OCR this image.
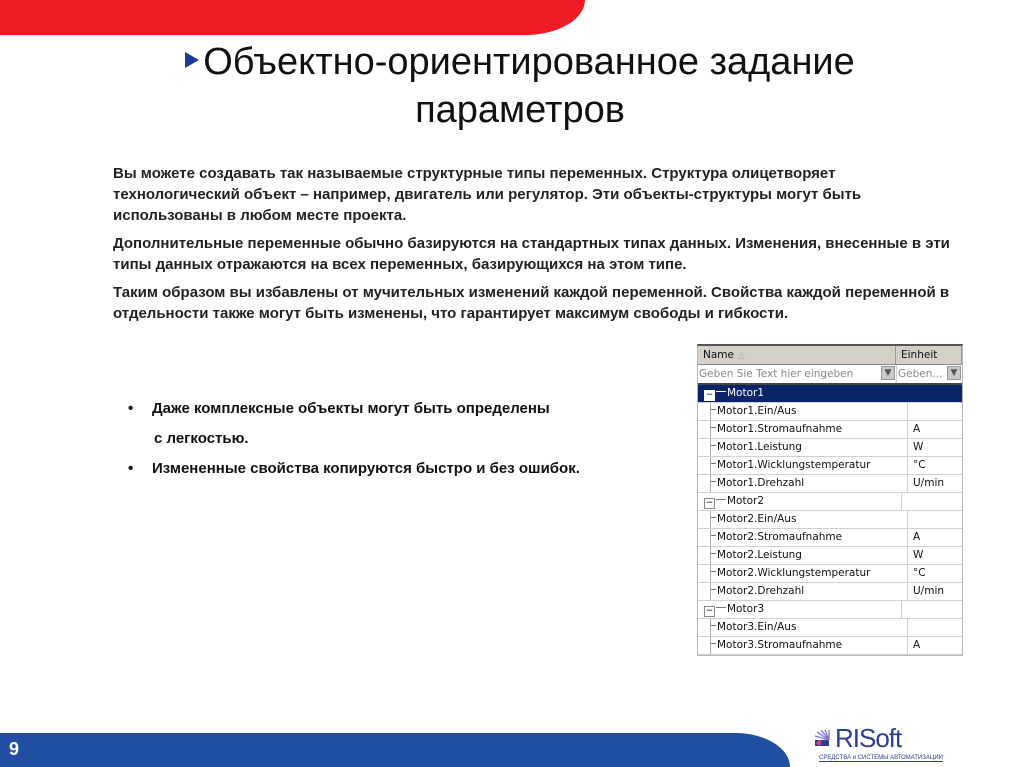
Объектно-ориентированное задание
параметров

Вы можете создавать так называемые структурные типы переменных. Структура олицетворяет технологический объект – например, двигатель или регулятор. Эти объекты-структуры могут быть использованы в любом месте проекта.

Дополнительные переменные обычно базируются на стандартных типах данных. Изменения, внесенные в эти типы данных отражаются на всех переменных, базирующихся на этом типе.

Таким образом вы избавлены от мучительных изменений каждой переменной. Свойства каждой переменной в отдельности также могут быть изменены, что гарантирует максимум свободы и гибкости.

• Даже комплексные объекты могут быть определены
с легкостью.
• Измененные свойства копируются быстро и без ошибок.
Name △	Einheit
Geben Sie Text hier eingeben	▼ Geben... ▼
− Motor1
Motor1.Ein/Aus
Motor1.Stromaufnahme	A
Motor1.Leistung	W
Motor1.Wicklungstemperatur	°C
Motor1.Drehzahl	U/min
− Motor2
Motor2.Ein/Aus
Motor2.Stromaufnahme	A
Motor2.Leistung	W
Motor2.Wicklungstemperatur	°C
Motor2.Drehzahl	U/min
− Motor3
Motor3.Ein/Aus
Motor3.Stromaufnahme	A
9	RISoft
СРЕДСТВА и СИСТЕМЫ АВТОМАТИЗАЦИИ
